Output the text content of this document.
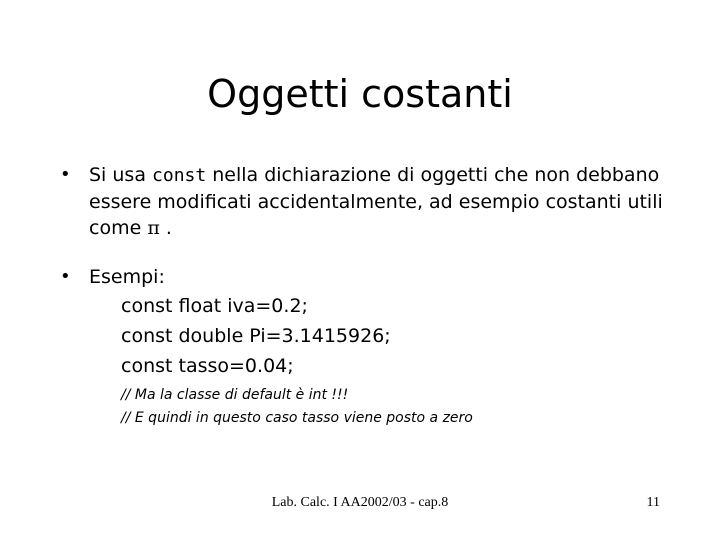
Oggetti costanti
• Si usa const nella dichiarazione di oggetti che non debbano
essere modificati accidentalmente, ad esempio costanti utili
come π .
• Esempi:
const float iva=0.2;
const double Pi=3.1415926;
const tasso=0.04;
// Ma la classe di default è int !!!
// E quindi in questo caso tasso viene posto a zero
Lab. Calc. I AA2002/03 - cap.8	11
